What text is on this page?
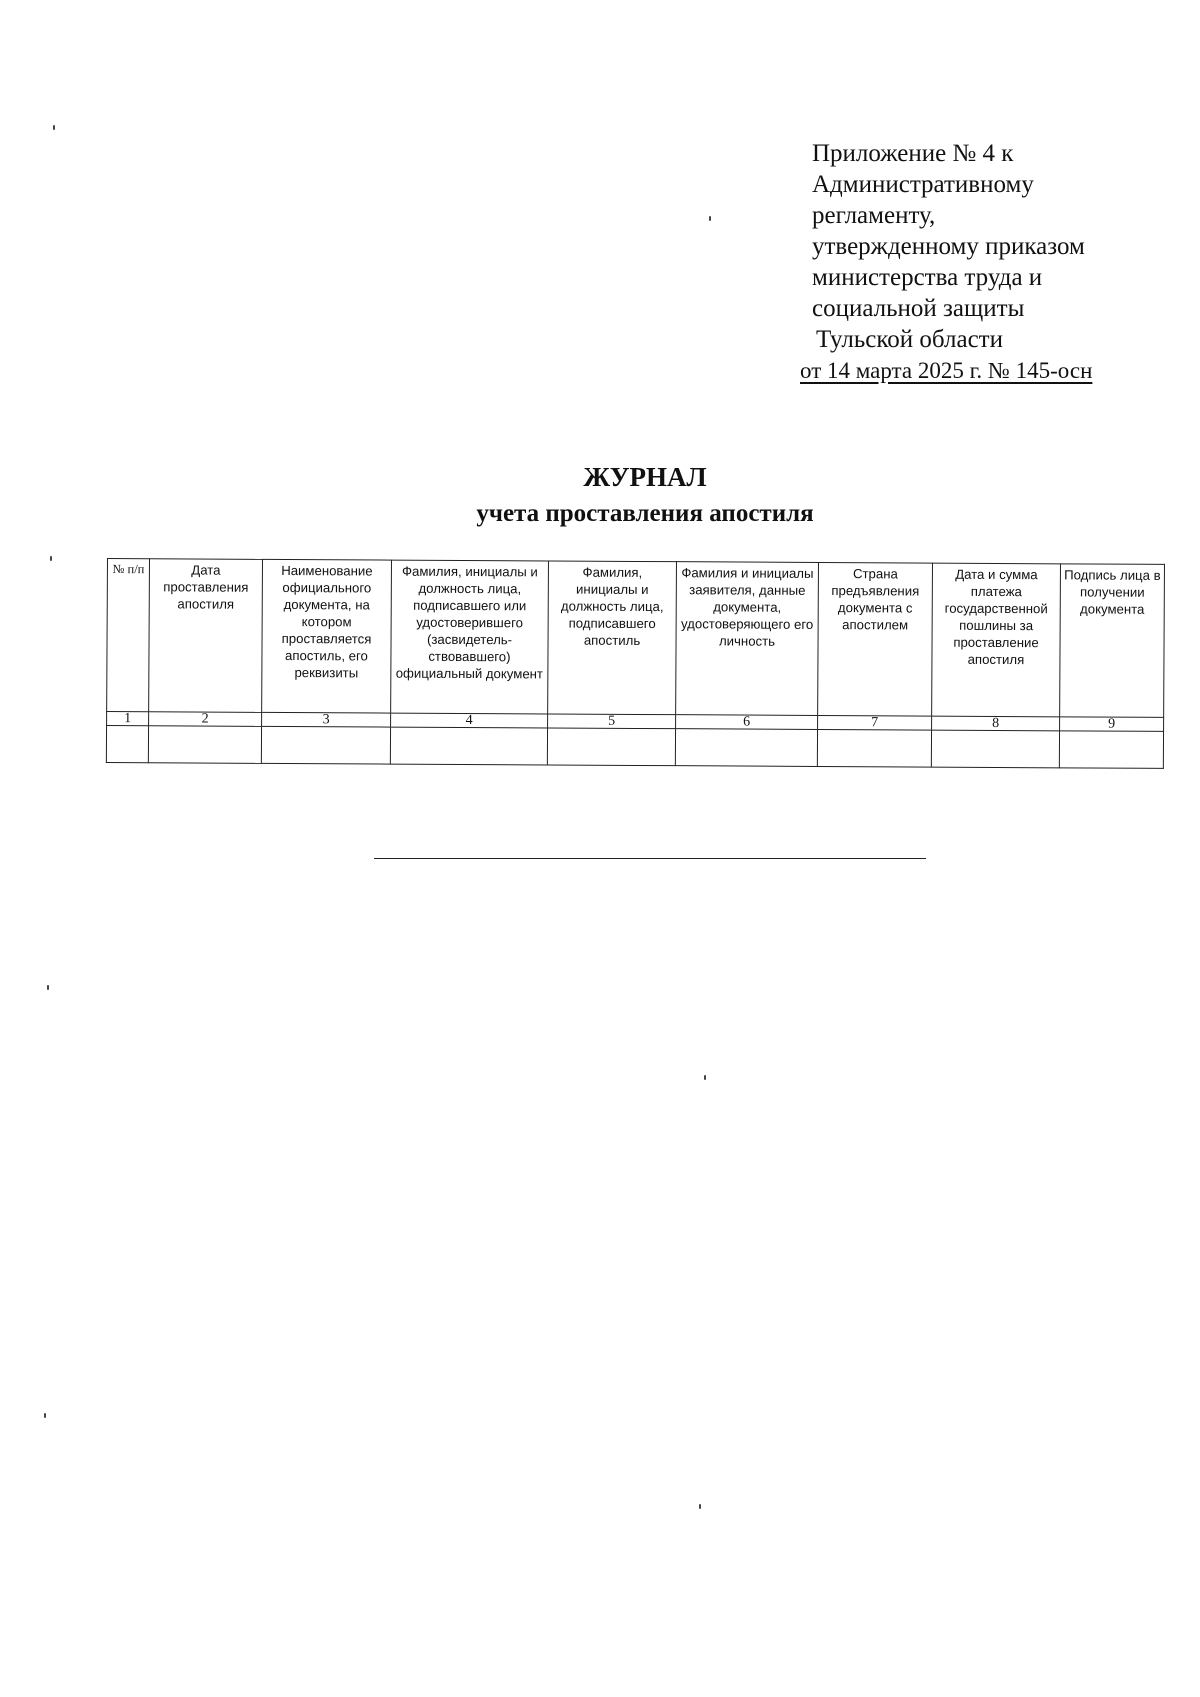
Приложение № 4 к
Административному
регламенту,
утвержденному приказом
министерства труда и
социальной защиты
Тульской области
от 14 марта 2025 г. № 145-осн
ЖУРНАЛ
учета проставления апостиля
№ п/п	Дата проставления апостиля	Наименование официального документа, на котором проставляется апостиль, его реквизиты	Фамилия, инициалы и должность лица, подписавшего или удостоверившего (засвидетель-ствовавшего) официальный документ	Фамилия, инициалы и должность лица, подписавшего апостиль	Фамилия и инициалы заявителя, данные документа, удостоверяющего его личность	Страна предъявления документа с апостилем	Дата и сумма платежа государственной пошлины за проставление апостиля	Подпись лица в получении документа
1	2	3	4	5	6	7	8	9
